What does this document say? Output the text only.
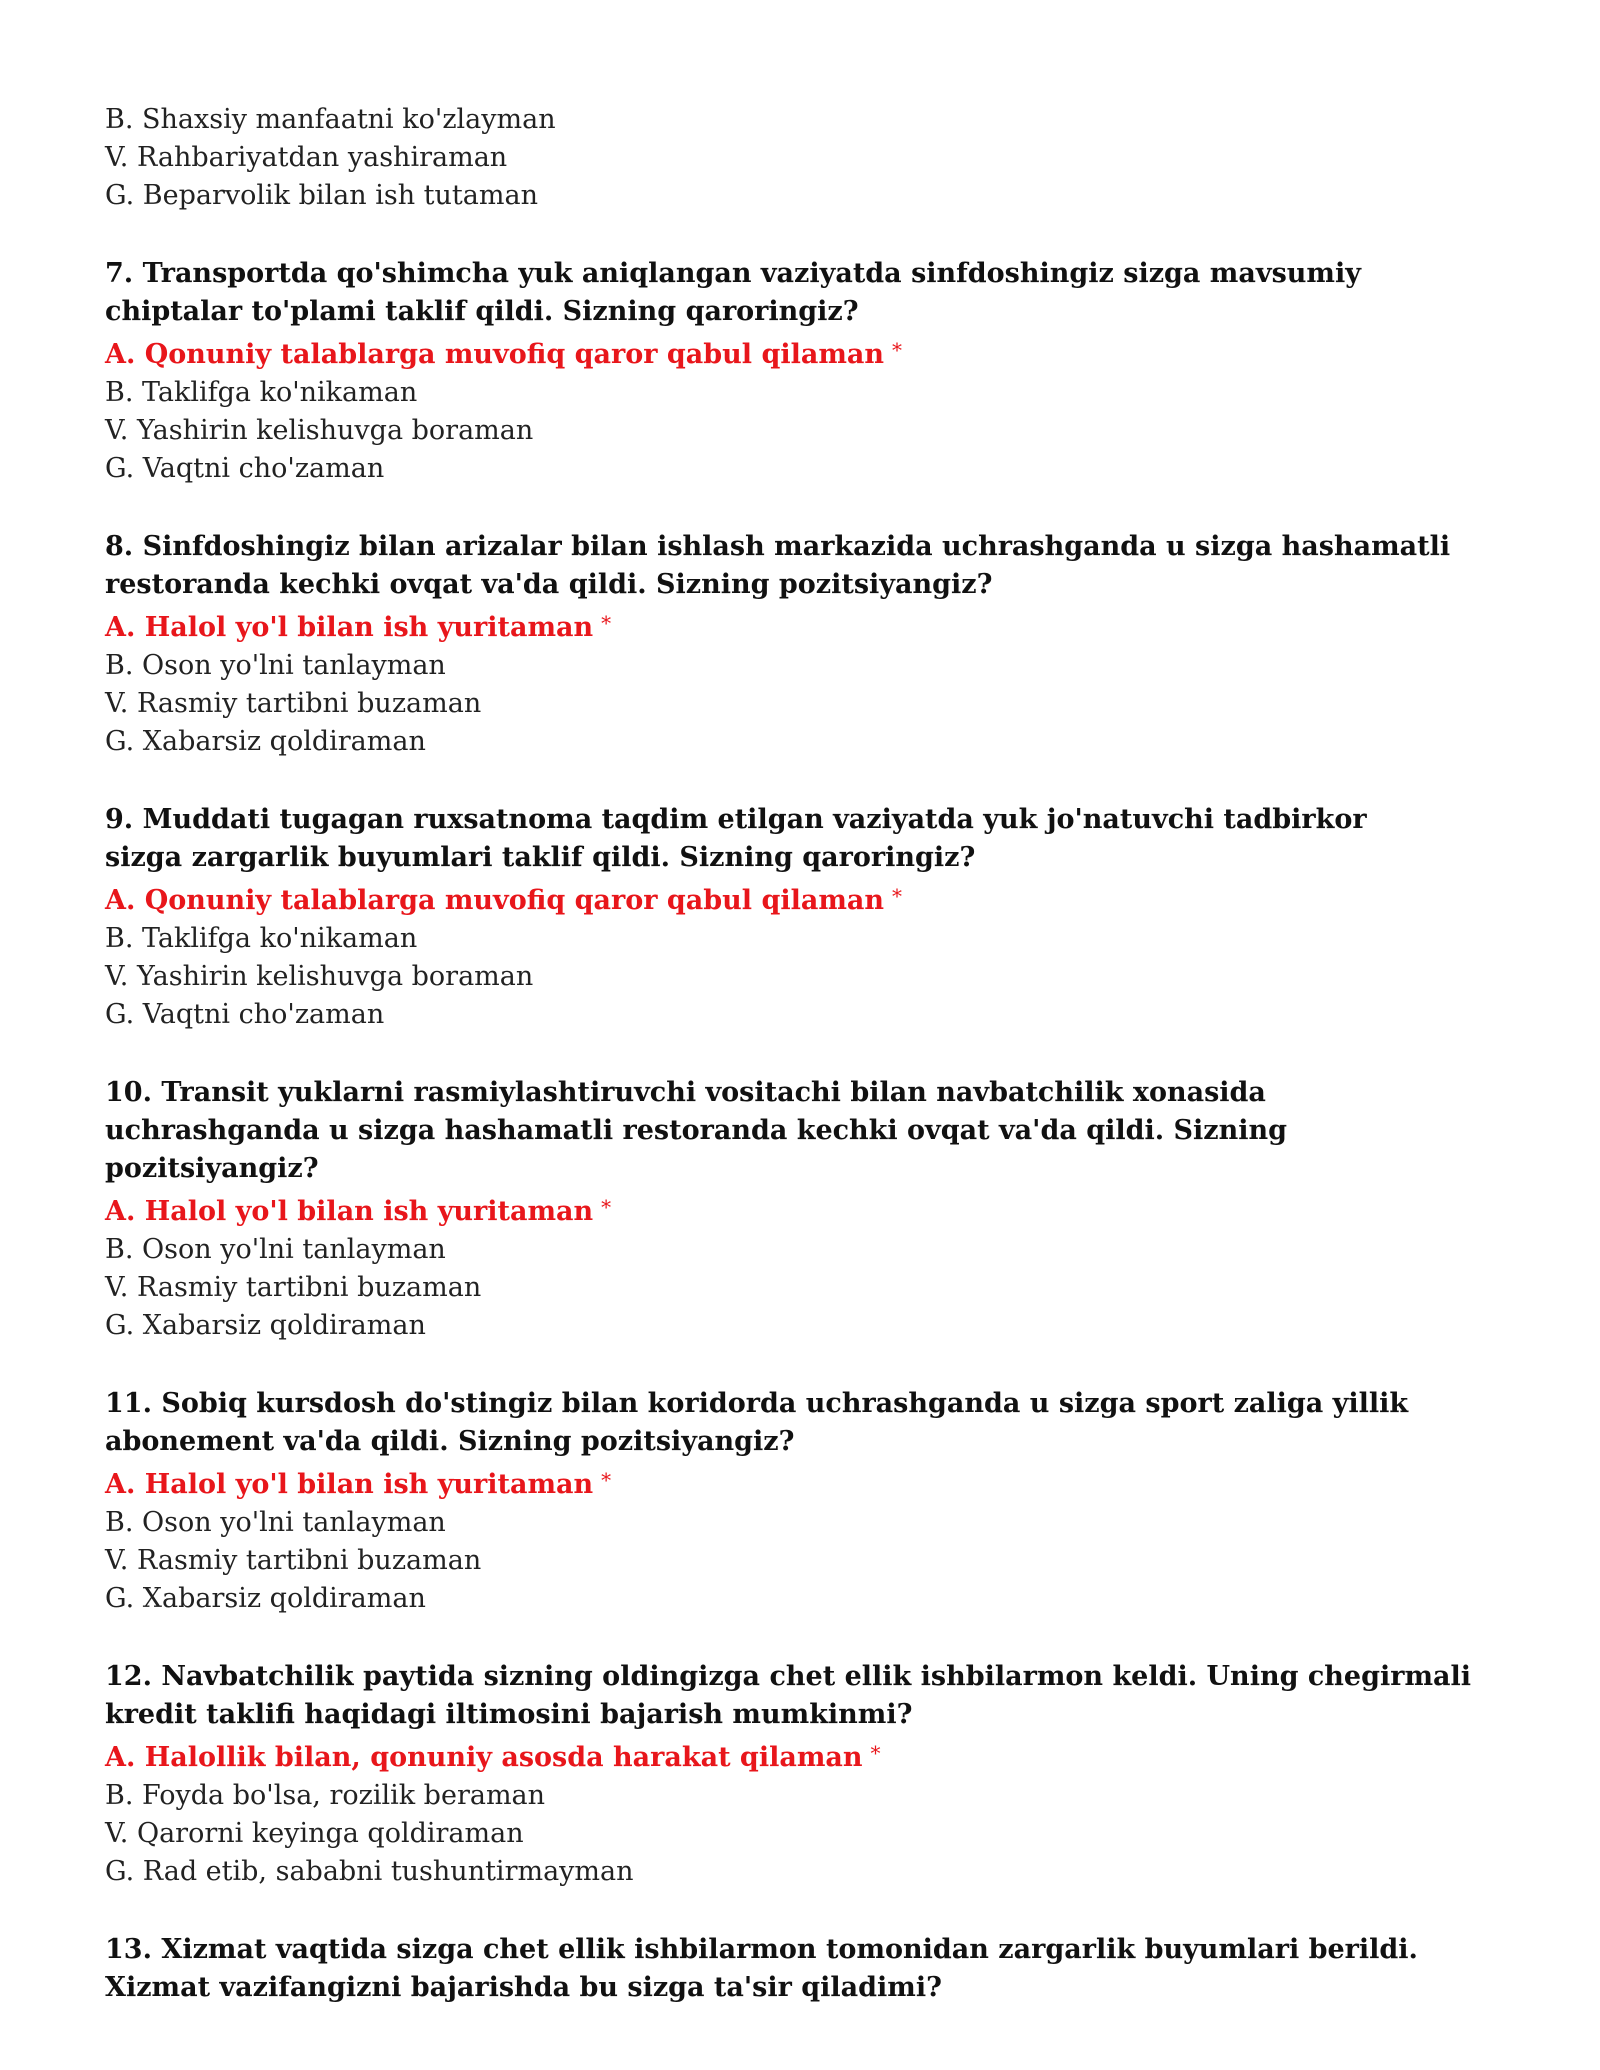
B. Shaxsiy manfaatni ko'zlayman

V. Rahbariyatdan yashiraman

G. Beparvolik bilan ish tutaman

7. Transportda qo'shimcha yuk aniqlangan vaziyatda sinfdoshingiz sizga mavsumiy chiptalar to'plami taklif qildi. Sizning qaroringiz?

A. Qonuniy talablarga muvofiq qaror qabul qilaman *

B. Taklifga ko'nikaman

V. Yashirin kelishuvga boraman

G. Vaqtni cho'zaman

8. Sinfdoshingiz bilan arizalar bilan ishlash markazida uchrashganda u sizga hashamatli restoranda kechki ovqat va'da qildi. Sizning pozitsiyangiz?

A. Halol yo'l bilan ish yuritaman *

B. Oson yo'lni tanlayman

V. Rasmiy tartibni buzaman

G. Xabarsiz qoldiraman

9. Muddati tugagan ruxsatnoma taqdim etilgan vaziyatda yuk jo'natuvchi tadbirkor sizga zargarlik buyumlari taklif qildi. Sizning qaroringiz?

A. Qonuniy talablarga muvofiq qaror qabul qilaman *

B. Taklifga ko'nikaman

V. Yashirin kelishuvga boraman

G. Vaqtni cho'zaman

10. Transit yuklarni rasmiylashtiruvchi vositachi bilan navbatchilik xonasida uchrashganda u sizga hashamatli restoranda kechki ovqat va'da qildi. Sizning pozitsiyangiz?

A. Halol yo'l bilan ish yuritaman *

B. Oson yo'lni tanlayman

V. Rasmiy tartibni buzaman

G. Xabarsiz qoldiraman

11. Sobiq kursdosh do'stingiz bilan koridorda uchrashganda u sizga sport zaliga yillik abonement va'da qildi. Sizning pozitsiyangiz?

A. Halol yo'l bilan ish yuritaman *

B. Oson yo'lni tanlayman

V. Rasmiy tartibni buzaman

G. Xabarsiz qoldiraman

12. Navbatchilik paytida sizning oldingizga chet ellik ishbilarmon keldi. Uning chegirmali kredit taklifi haqidagi iltimosini bajarish mumkinmi?

A. Halollik bilan, qonuniy asosda harakat qilaman *

B. Foyda bo'lsa, rozilik beraman

V. Qarorni keyinga qoldiraman

G. Rad etib, sababni tushuntirmayman

13. Xizmat vaqtida sizga chet ellik ishbilarmon tomonidan zargarlik buyumlari berildi. Xizmat vazifangizni bajarishda bu sizga ta'sir qiladimi?
